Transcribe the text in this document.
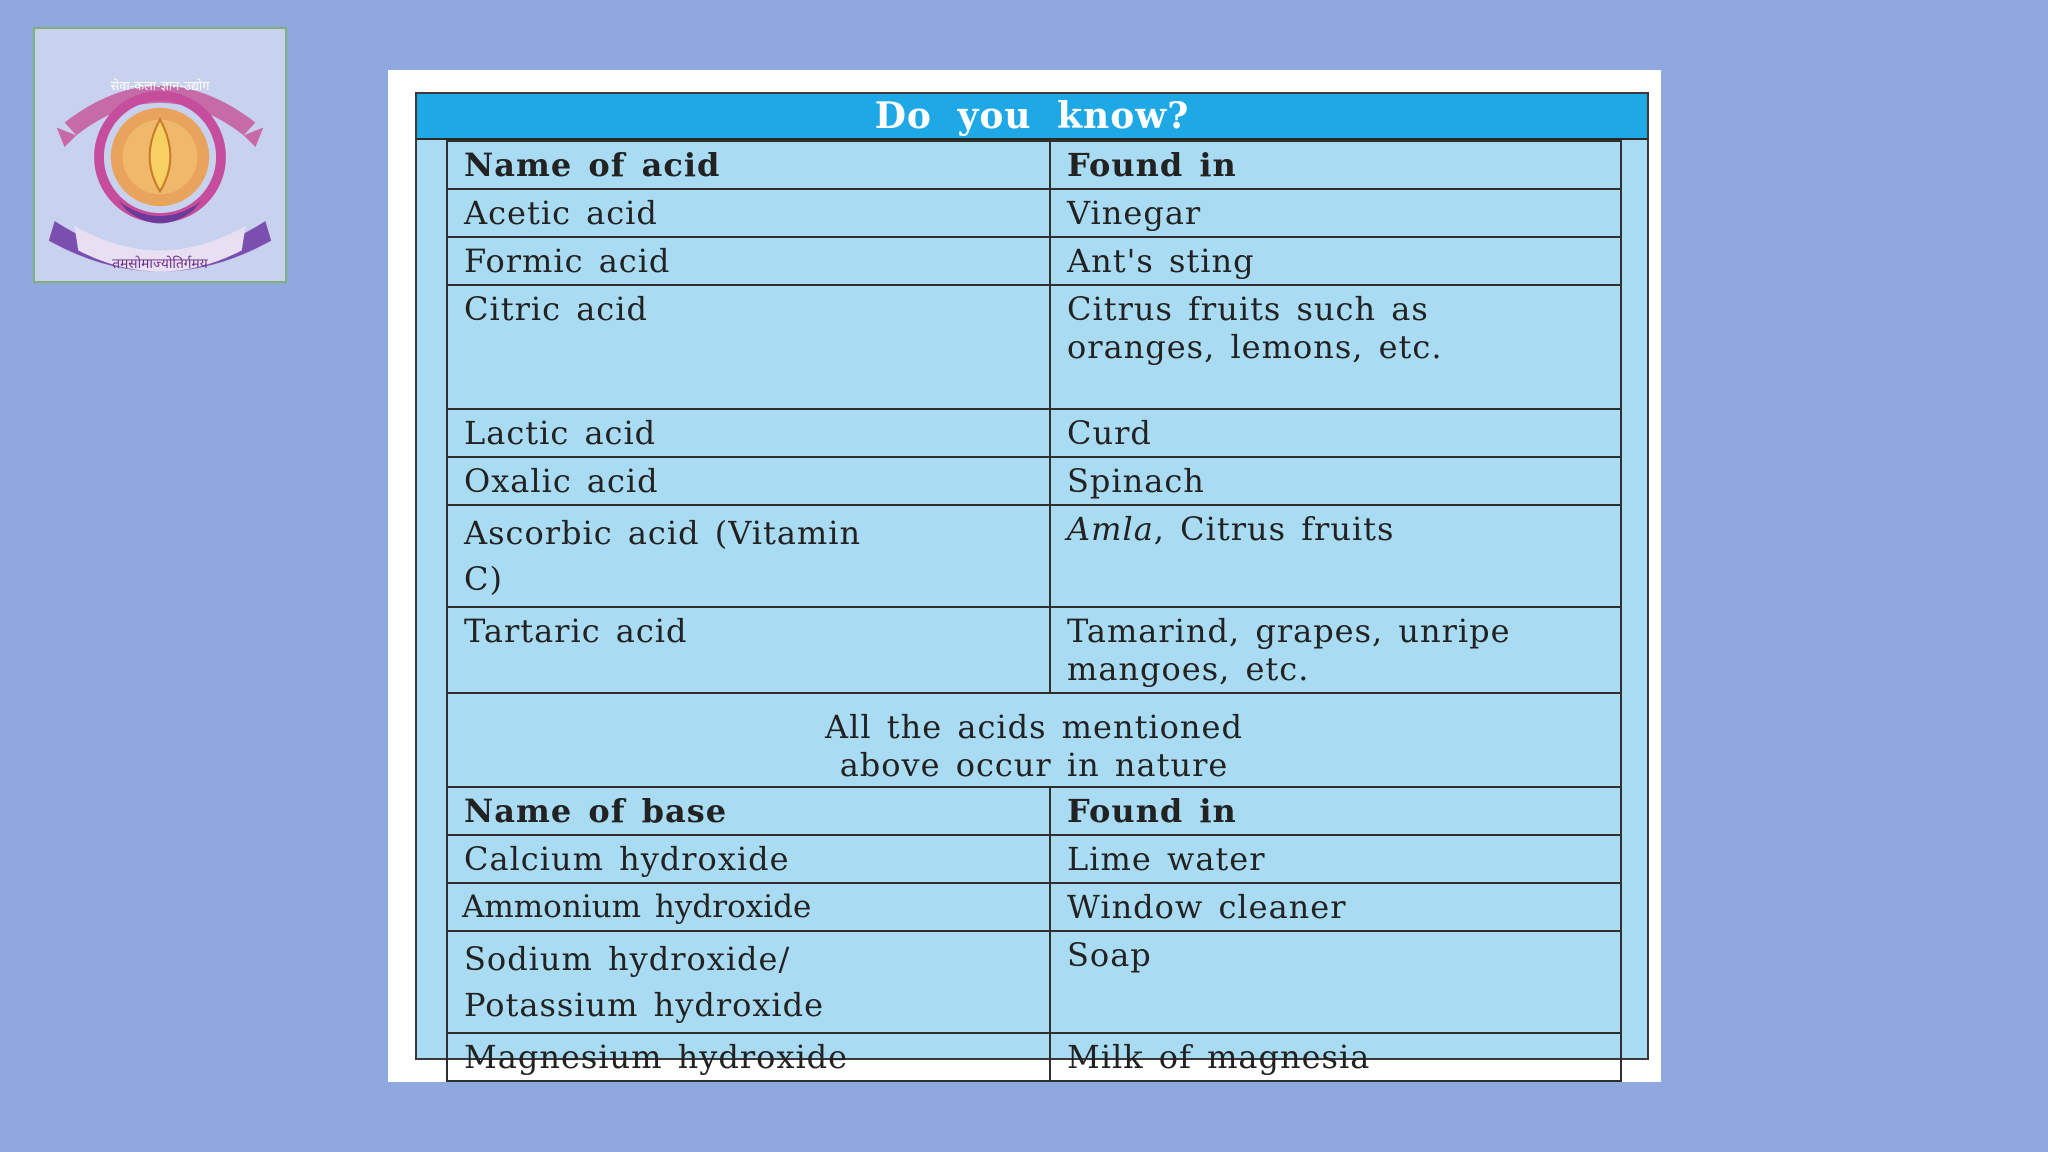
तमसोमाज्योतिर्गमय
सेवा-कला-ज्ञान-उद्योग
Do you know?
Name of acid	Found in
Acetic acid	Vinegar
Formic acid	Ant's sting
Citric acid	Citrus fruits such as oranges, lemons, etc.
Lactic acid	Curd
Oxalic acid	Spinach
Ascorbic acid (Vitamin C)	Amla, Citrus fruits
Tartaric acid	Tamarind, grapes, unripe mangoes, etc.

All the acids mentioned
above occur in nature	

Name of base	Found in
Calcium hydroxide	Lime water
Ammonium hydroxide	Window cleaner
Sodium hydroxide/ Potassium hydroxide	Soap
Magnesium hydroxide	Milk of magnesia
